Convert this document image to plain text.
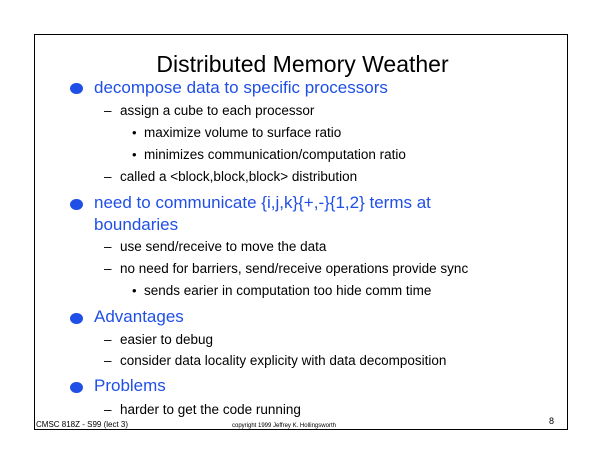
Distributed Memory Weather
decompose data to specific processors
– assign a cube to each processor
• maximize volume to surface ratio
• minimizes communication/computation ratio
– called a <block,block,block> distribution
need to communicate {i,j,k}{+,-}{1,2} terms at
boundaries
– use send/receive to move the data
– no need for barriers, send/receive operations provide sync
• sends earier in computation too hide comm time
Advantages
– easier to debug
– consider data locality explicity with data decomposition
Problems
– harder to get the code running
CMSC 818Z - S99 (lect 3)	copyright 1999 Jeffrey K. Hollingsworth	8
